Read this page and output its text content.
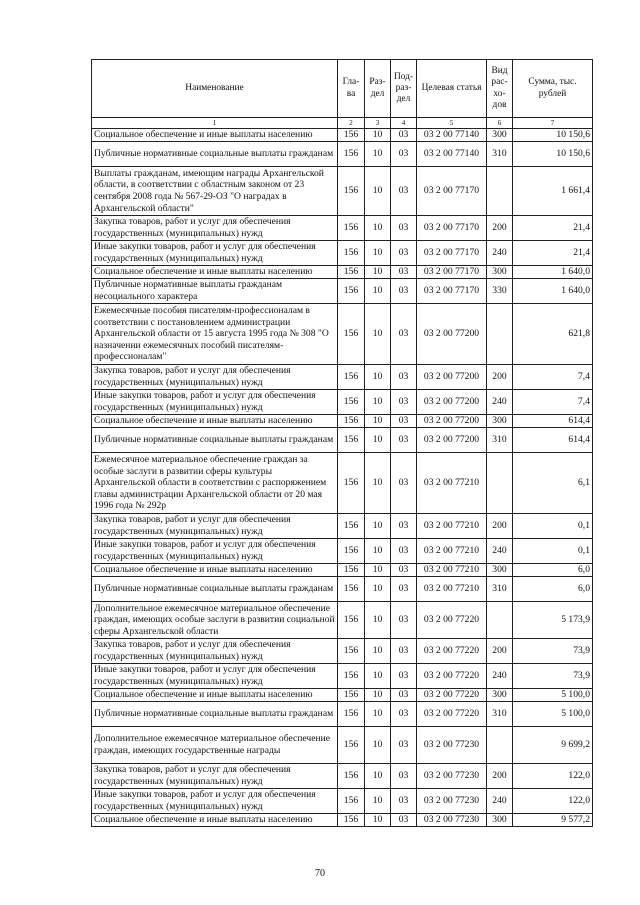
Наименование	Гла-ва	Раз-дел	Под-раз-дел	Целевая статья	Вид рас-хо-дов	Сумма, тыс. рублей
1	2	3	4	5	6	7
Социальное обеспечение и иные выплаты населению	156	10	03	03 2 00 77140	300	10 150,6
Публичные нормативные социальные выплаты гражданам	156	10	03	03 2 00 77140	310	10 150,6
Выплаты гражданам, имеющим награды Архангельской области, в соответствии с областным законом от 23 сентября 2008 года № 567-29-ОЗ "О наградах в Архангельской области"	156	10	03	03 2 00 77170		1 661,4
Закупка товаров, работ и услуг для обеспечения государственных (муниципальных) нужд	156	10	03	03 2 00 77170	200	21,4
Иные закупки товаров, работ и услуг для обеспечения государственных (муниципальных) нужд	156	10	03	03 2 00 77170	240	21,4
Социальное обеспечение и иные выплаты населению	156	10	03	03 2 00 77170	300	1 640,0
Публичные нормативные выплаты гражданам несоциального характера	156	10	03	03 2 00 77170	330	1 640,0
Ежемесячные пособия писателям-профессионалам в соответствии с постановлением администрации Архангельской области от 15 августа 1995 года № 308 "О назначении ежемесячных пособий писателям-профессионалам"	156	10	03	03 2 00 77200		621,8
Закупка товаров, работ и услуг для обеспечения государственных (муниципальных) нужд	156	10	03	03 2 00 77200	200	7,4
Иные закупки товаров, работ и услуг для обеспечения государственных (муниципальных) нужд	156	10	03	03 2 00 77200	240	7,4
Социальное обеспечение и иные выплаты населению	156	10	03	03 2 00 77200	300	614,4
Публичные нормативные социальные выплаты гражданам	156	10	03	03 2 00 77200	310	614,4
Ежемесячное материальное обеспечение граждан за особые заслуги в развитии сферы культуры Архангельской области в соответствии с распоряжением главы администрации Архангельской области от 20 мая 1996 года № 292р	156	10	03	03 2 00 77210		6,1
Закупка товаров, работ и услуг для обеспечения государственных (муниципальных) нужд	156	10	03	03 2 00 77210	200	0,1
Иные закупки товаров, работ и услуг для обеспечения государственных (муниципальных) нужд	156	10	03	03 2 00 77210	240	0,1
Социальное обеспечение и иные выплаты населению	156	10	03	03 2 00 77210	300	6,0
Публичные нормативные социальные выплаты гражданам	156	10	03	03 2 00 77210	310	6,0
Дополнительное ежемесячное материальное обеспечение граждан, имеющих особые заслуги в развитии социальной сферы Архангельской области	156	10	03	03 2 00 77220		5 173,9
Закупка товаров, работ и услуг для обеспечения государственных (муниципальных) нужд	156	10	03	03 2 00 77220	200	73,9
Иные закупки товаров, работ и услуг для обеспечения государственных (муниципальных) нужд	156	10	03	03 2 00 77220	240	73,9
Социальное обеспечение и иные выплаты населению	156	10	03	03 2 00 77220	300	5 100,0
Публичные нормативные социальные выплаты гражданам	156	10	03	03 2 00 77220	310	5 100,0
Дополнительное ежемесячное материальное обеспечение граждан, имеющих государственные награды	156	10	03	03 2 00 77230		9 699,2
Закупка товаров, работ и услуг для обеспечения государственных (муниципальных) нужд	156	10	03	03 2 00 77230	200	122,0
Иные закупки товаров, работ и услуг для обеспечения государственных (муниципальных) нужд	156	10	03	03 2 00 77230	240	122,0
Социальное обеспечение и иные выплаты населению	156	10	03	03 2 00 77230	300	9 577,2
70
